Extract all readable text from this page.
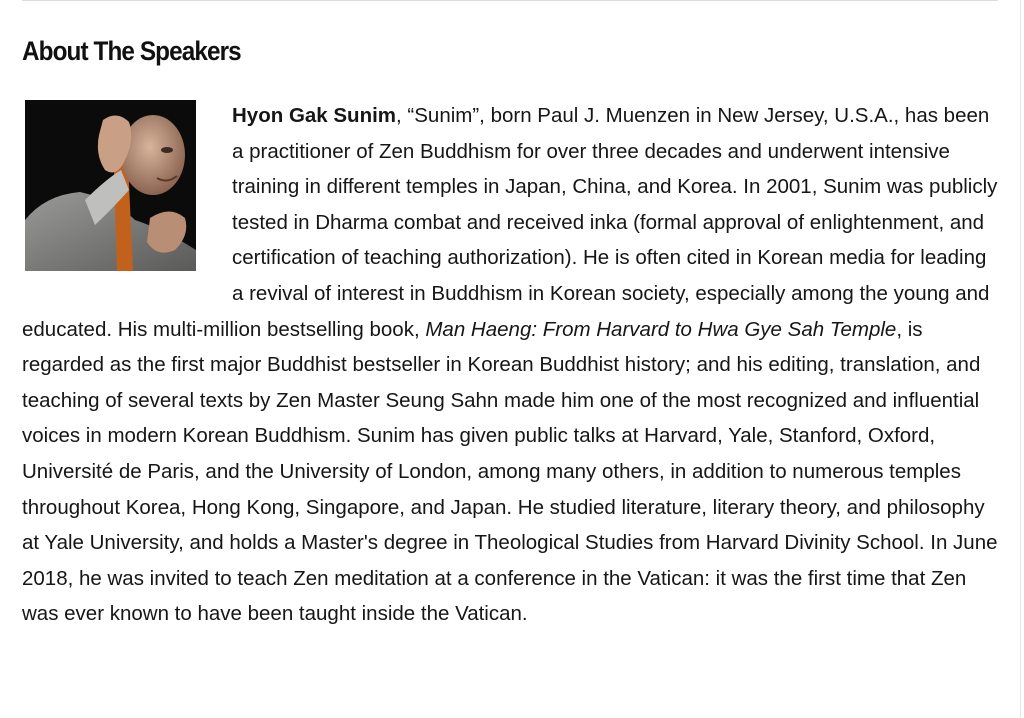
About The Speakers

Hyon Gak Sunim, “Sunim”, born Paul J. Muenzen in New Jersey, U.S.A., has been a practitioner of Zen Buddhism for over three decades and underwent intensive training in different temples in Japan, China, and Korea. In 2001, Sunim was publicly tested in Dharma combat and received inka (formal approval of enlightenment, and certification of teaching authorization). He is often cited in Korean media for leading a revival of interest in Buddhism in Korean society, especially among the young and educated. His multi-million bestselling book, Man Haeng: From Harvard to Hwa Gye Sah Temple, is regarded as the first major Buddhist bestseller in Korean Buddhist history; and his editing, translation, and teaching of several texts by Zen Master Seung Sahn made him one of the most recognized and influential voices in modern Korean Buddhism. Sunim has given public talks at Harvard, Yale, Stanford, Oxford, Université de Paris, and the University of London, among many others, in addition to numerous temples throughout Korea, Hong Kong, Singapore, and Japan. He studied literature, literary theory, and philosophy at Yale University, and holds a Master's degree in Theological Studies from Harvard Divinity School. In June 2018, he was invited to teach Zen meditation at a conference in the Vatican: it was the first time that Zen was ever known to have been taught inside the Vatican.
